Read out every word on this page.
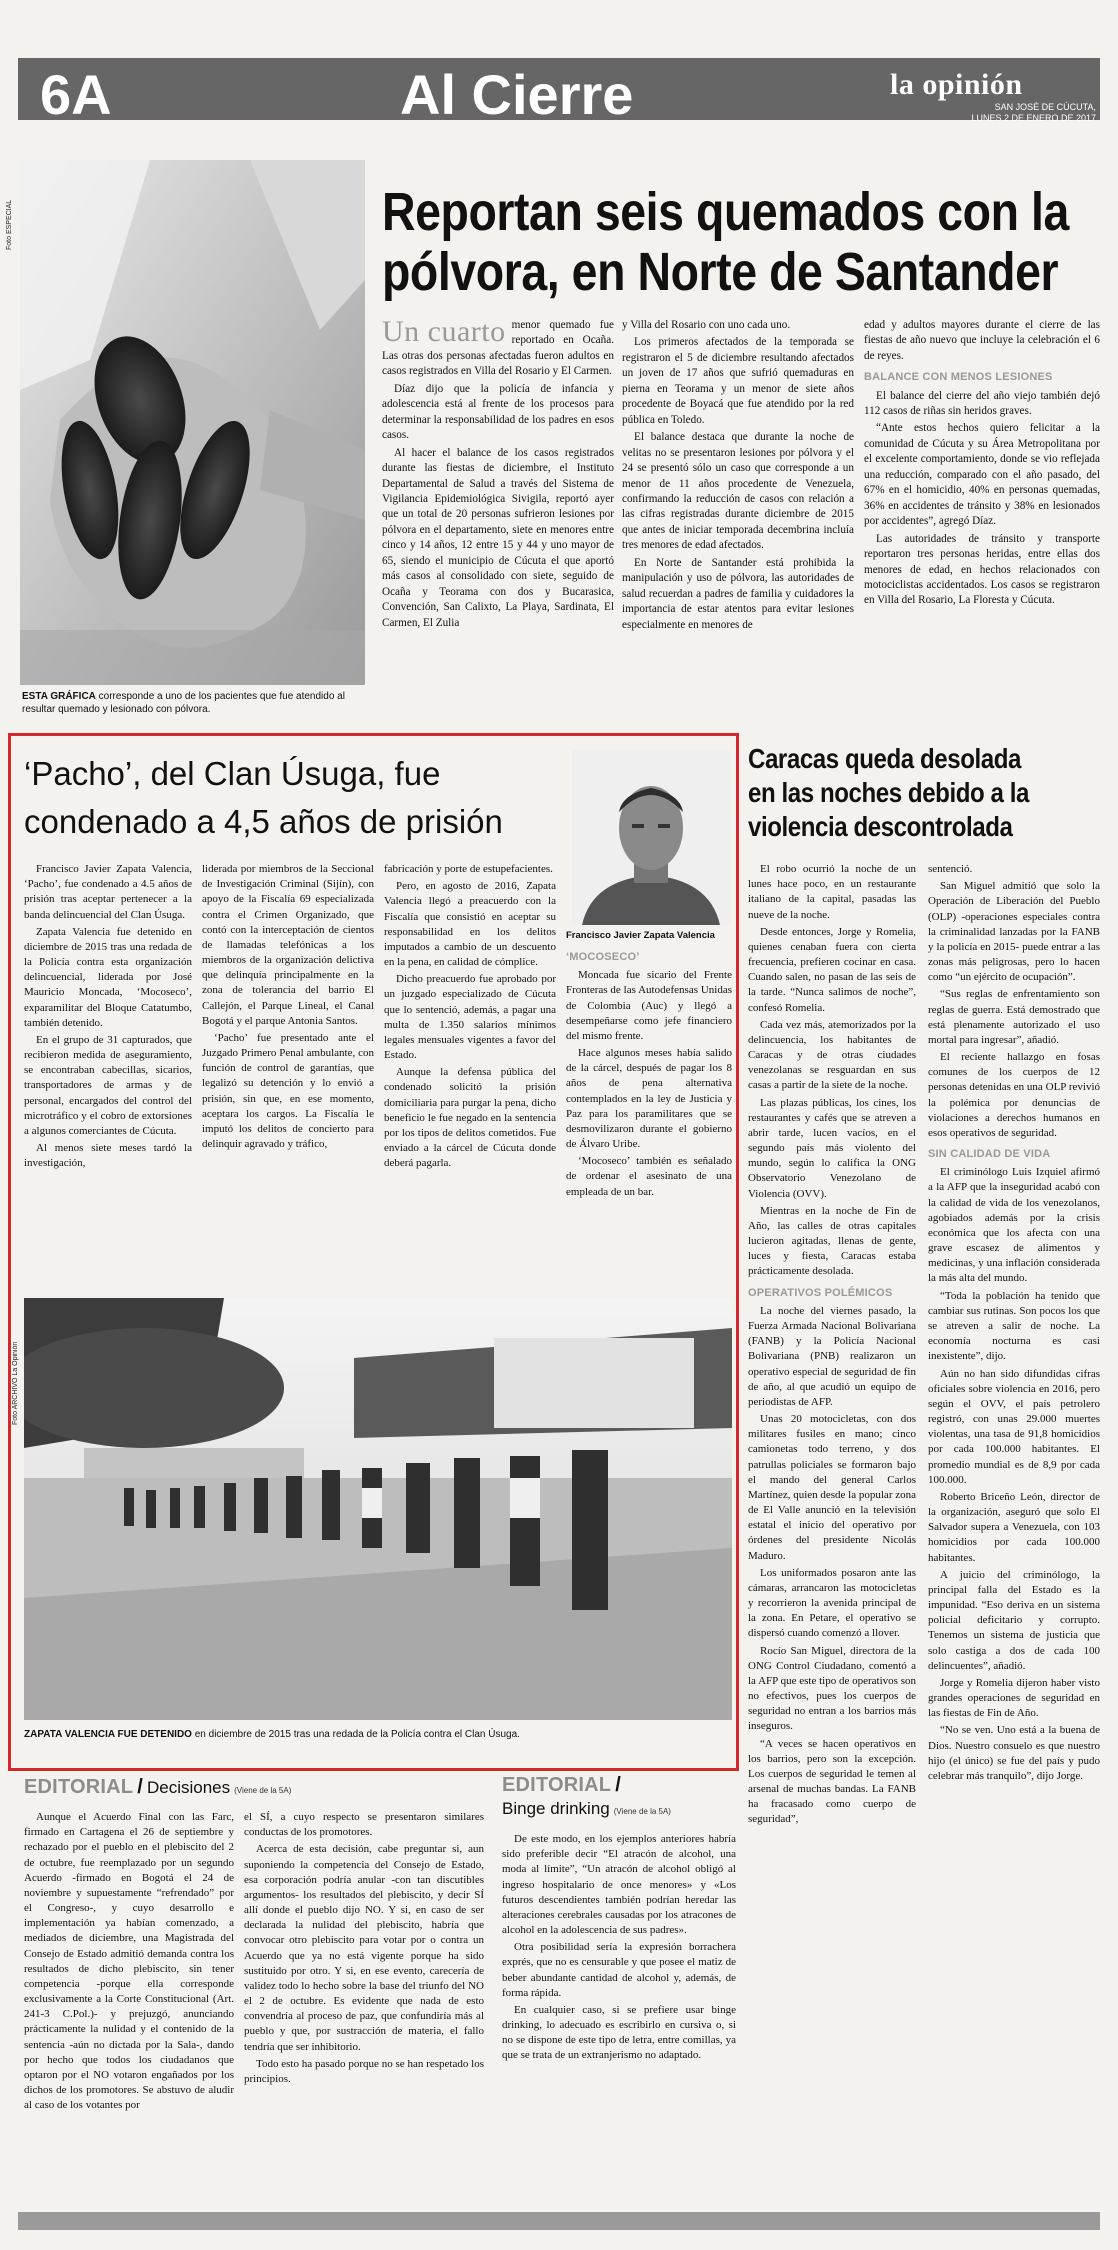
6A	Al Cierre	la opinión
SAN JOSÉ DE CÚCUTA,
LUNES 2 DE ENERO DE 2017
Foto ESPECIAL
ESTA GRÁFICA corresponde a uno de los pacientes que fue atendido al resultar quemado y lesionado con pólvora.
Reportan seis quemados con la
pólvora, en Norte de Santander
Un cuarto menor quemado fue reportado en Ocaña. Las otras dos personas afectadas fueron adultos en casos registrados en Villa del Rosario y El Carmen.

Díaz dijo que la policía de infancia y adolescencia está al frente de los procesos para determinar la responsabilidad de los padres en esos casos.

Al hacer el balance de los casos registrados durante las fiestas de diciembre, el Instituto Departamental de Salud a través del Sistema de Vigilancia Epidemiológica Sivigila, reportó ayer que un total de 20 personas sufrieron lesiones por pólvora en el departamento, siete en menores entre cinco y 14 años, 12 entre 15 y 44 y uno mayor de 65, siendo el municipio de Cúcuta el que aportó más casos al consolidado con siete, seguido de Ocaña y Teorama con dos y Bucarasica, Convención, San Calixto, La Playa, Sardinata, El Carmen, El Zulia

y Villa del Rosario con uno cada uno.

Los primeros afectados de la temporada se registraron el 5 de diciembre resultando afectados un joven de 17 años que sufrió quemaduras en pierna en Teorama y un menor de siete años procedente de Boyacá que fue atendido por la red pública en Toledo.

El balance destaca que durante la noche de velitas no se presentaron lesiones por pólvora y el 24 se presentó sólo un caso que corresponde a un menor de 11 años procedente de Venezuela, confirmando la reducción de casos con relación a las cifras registradas durante diciembre de 2015 que antes de iniciar temporada decembrina incluía tres menores de edad afectados.

En Norte de Santander está prohibida la manipulación y uso de pólvora, las autoridades de salud recuerdan a padres de familia y cuidadores la importancia de estar atentos para evitar lesiones especialmente en menores de

edad y adultos mayores durante el cierre de las fiestas de año nuevo que incluye la celebración el 6 de reyes.

BALANCE CON MENOS LESIONES

El balance del cierre del año viejo también dejó 112 casos de riñas sin heridos graves.

“Ante estos hechos quiero felicitar a la comunidad de Cúcuta y su Área Metropolitana por el excelente comportamiento, donde se vio reflejada una reducción, comparado con el año pasado, del 67% en el homicidio, 40% en personas quemadas, 36% en accidentes de tránsito y 38% en lesionados por accidentes”, agregó Díaz.

Las autoridades de tránsito y transporte reportaron tres personas heridas, entre ellas dos menores de edad, en hechos relacionados con motociclistas accidentados. Los casos se registraron en Villa del Rosario, La Floresta y Cúcuta.

‘Pacho’, del Clan Úsuga, fue
condenado a 4,5 años de prisión
Francisco Javier Zapata Valencia

Francisco Javier Zapata Valencia, ‘Pacho’, fue condenado a 4.5 años de prisión tras aceptar pertenecer a la banda delincuencial del Clan Úsuga.

Zapata Valencia fue detenido en diciembre de 2015 tras una redada de la Policía contra esta organización delincuencial, liderada por José Mauricio Moncada, ‘Mocoseco’, exparamilitar del Bloque Catatumbo, también detenido.

En el grupo de 31 capturados, que recibieron medida de aseguramiento, se encontraban cabecillas, sicarios, transportadores de armas y de personal, encargados del control del microtráfico y el cobro de extorsiones a algunos comerciantes de Cúcuta.

Al menos siete meses tardó la investigación,

liderada por miembros de la Seccional de Investigación Criminal (Sijín), con apoyo de la Fiscalía 69 especializada contra el Crimen Organizado, que contó con la interceptación de cientos de llamadas telefónicas a los miembros de la organización delictiva que delinquía principalmente en la zona de tolerancia del barrio El Callejón, el Parque Lineal, el Canal Bogotá y el parque Antonia Santos.

‘Pacho’ fue presentado ante el Juzgado Primero Penal ambulante, con función de control de garantías, que legalizó su detención y lo envió a prisión, sin que, en ese momento, aceptara los cargos. La Fiscalía le imputó los delitos de concierto para delinquir agravado y tráfico,

fabricación y porte de estupefacientes.

Pero, en agosto de 2016, Zapata Valencia llegó a preacuerdo con la Fiscalía que consistió en aceptar su responsabilidad en los delitos imputados a cambio de un descuento en la pena, en calidad de cómplice.

Dicho preacuerdo fue aprobado por un juzgado especializado de Cúcuta que lo sentenció, además, a pagar una multa de 1.350 salarios mínimos legales mensuales vigentes a favor del Estado.

Aunque la defensa pública del condenado solicitó la prisión domiciliaria para purgar la pena, dicho beneficio le fue negado en la sentencia por los tipos de delitos cometidos. Fue enviado a la cárcel de Cúcuta donde deberá pagarla.

‘MOCOSECO’

Moncada fue sicario del Frente Fronteras de las Autodefensas Unidas de Colombia (Auc) y llegó a desempeñarse como jefe financiero del mismo frente.

Hace algunos meses había salido de la cárcel, después de pagar los 8 años de pena alternativa contemplados en la ley de Justicia y Paz para los paramilitares que se desmovilizaron durante el gobierno de Álvaro Uribe.

‘Mocoseco’ también es señalado de ordenar el asesinato de una empleada de un bar.

Foto ARCHIVO La Opinión
ZAPATA VALENCIA FUE DETENIDO en diciembre de 2015 tras una redada de la Policía contra el Clan Úsuga.
Caracas queda desolada
en las noches debido a la
violencia descontrolada

El robo ocurrió la noche de un lunes hace poco, en un restaurante italiano de la capital, pasadas las nueve de la noche.

Desde entonces, Jorge y Romelia, quienes cenaban fuera con cierta frecuencia, prefieren cocinar en casa. Cuando salen, no pasan de las seis de la tarde. “Nunca salimos de noche”, confesó Romelia.

Cada vez más, atemorizados por la delincuencia, los habitantes de Caracas y de otras ciudades venezolanas se resguardan en sus casas a partir de la siete de la noche.

Las plazas públicas, los cines, los restaurantes y cafés que se atreven a abrir tarde, lucen vacíos, en el segundo país más violento del mundo, según lo califica la ONG Observatorio Venezolano de Violencia (OVV).

Mientras en la noche de Fin de Año, las calles de otras capitales lucieron agitadas, llenas de gente, luces y fiesta, Caracas estaba prácticamente desolada.

OPERATIVOS POLÉMICOS

La noche del viernes pasado, la Fuerza Armada Nacional Bolivariana (FANB) y la Policía Nacional Bolivariana (PNB) realizaron un operativo especial de seguridad de fin de año, al que acudió un equipo de periodistas de AFP.

Unas 20 motocicletas, con dos militares fusiles en mano; cinco camionetas todo terreno, y dos patrullas policiales se formaron bajo el mando del general Carlos Martínez, quien desde la popular zona de El Valle anunció en la televisión estatal el inicio del operativo por órdenes del presidente Nicolás Maduro.

Los uniformados posaron ante las cámaras, arrancaron las motocicletas y recorrieron la avenida principal de la zona. En Petare, el operativo se dispersó cuando comenzó a llover.

Rocío San Miguel, directora de la ONG Control Ciudadano, comentó a la AFP que este tipo de operativos son no efectivos, pues los cuerpos de seguridad no entran a los barrios más inseguros.

“A veces se hacen operativos en los barrios, pero son la excepción. Los cuerpos de seguridad le temen al arsenal de muchas bandas. La FANB ha fracasado como cuerpo de seguridad”,

sentenció.

San Miguel admitió que solo la Operación de Liberación del Pueblo (OLP) -operaciones especiales contra la criminalidad lanzadas por la FANB y la policía en 2015- puede entrar a las zonas más peligrosas, pero lo hacen como “un ejército de ocupación”.

“Sus reglas de enfrentamiento son reglas de guerra. Está demostrado que está plenamente autorizado el uso mortal para ingresar”, añadió.

El reciente hallazgo en fosas comunes de los cuerpos de 12 personas detenidas en una OLP revivió la polémica por denuncias de violaciones a derechos humanos en esos operativos de seguridad.

SIN CALIDAD DE VIDA

El criminólogo Luis Izquiel afirmó a la AFP que la inseguridad acabó con la calidad de vida de los venezolanos, agobiados además por la crisis económica que los afecta con una grave escasez de alimentos y medicinas, y una inflación considerada la más alta del mundo.

“Toda la población ha tenido que cambiar sus rutinas. Son pocos los que se atreven a salir de noche. La economía nocturna es casi inexistente”, dijo.

Aún no han sido difundidas cifras oficiales sobre violencia en 2016, pero según el OVV, el país petrolero registró, con unas 29.000 muertes violentas, una tasa de 91,8 homicidios por cada 100.000 habitantes. El promedio mundial es de 8,9 por cada 100.000.

Roberto Briceño León, director de la organización, aseguró que solo El Salvador supera a Venezuela, con 103 homicidios por cada 100.000 habitantes.

A juicio del criminólogo, la principal falla del Estado es la impunidad. “Eso deriva en un sistema policial deficitario y corrupto. Tenemos un sistema de justicia que solo castiga a dos de cada 100 delincuentes”, añadió.

Jorge y Romelia dijeron haber visto grandes operaciones de seguridad en las fiestas de Fin de Año.

“No se ven. Uno está a la buena de Dios. Nuestro consuelo es que nuestro hijo (el único) se fue del país y pudo celebrar más tranquilo”, dijo Jorge.

EDITORIAL / Decisiones (Viene de la 5A)

Aunque el Acuerdo Final con las Farc, firmado en Cartagena el 26 de septiembre y rechazado por el pueblo en el plebiscito del 2 de octubre, fue reemplazado por un segundo Acuerdo -firmado en Bogotá el 24 de noviembre y supuestamente “refrendado” por el Congreso-, y cuyo desarrollo e implementación ya habían comenzado, a mediados de diciembre, una Magistrada del Consejo de Estado admitió demanda contra los resultados de dicho plebiscito, sin tener competencia -porque ella corresponde exclusivamente a la Corte Constitucional (Art. 241-3 C.Pol.)- y prejuzgó, anunciando prácticamente la nulidad y el contenido de la sentencia -aún no dictada por la Sala-, dando por hecho que todos los ciudadanos que optaron por el NO votaron engañados por los dichos de los promotores. Se abstuvo de aludir al caso de los votantes por

el SÍ, a cuyo respecto se presentaron similares conductas de los promotores.

Acerca de esta decisión, cabe preguntar si, aun suponiendo la competencia del Consejo de Estado, esa corporación podría anular -con tan discutibles argumentos- los resultados del plebiscito, y decir SÍ allí donde el pueblo dijo NO. Y si, en caso de ser declarada la nulidad del plebiscito, habría que convocar otro plebiscito para votar por o contra un Acuerdo que ya no está vigente porque ha sido sustituido por otro. Y si, en ese evento, carecería de validez todo lo hecho sobre la base del triunfo del NO el 2 de octubre. Es evidente que nada de esto convendría al proceso de paz, que confundiría más al pueblo y que, por sustracción de materia, el fallo tendría que ser inhibitorio.

Todo esto ha pasado porque no se han respetado los principios.

EDITORIAL /
Binge drinking (Viene de la 5A)

De este modo, en los ejemplos anteriores habría sido preferible decir “El atracón de alcohol, una moda al límite”, “Un atracón de alcohol obligó al ingreso hospitalario de once menores» y «Los futuros descendientes también podrían heredar las alteraciones cerebrales causadas por los atracones de alcohol en la adolescencia de sus padres».

Otra posibilidad sería la expresión borrachera exprés, que no es censurable y que posee el matiz de beber abundante cantidad de alcohol y, además, de forma rápida.

En cualquier caso, si se prefiere usar binge drinking, lo adecuado es escribirlo en cursiva o, si no se dispone de este tipo de letra, entre comillas, ya que se trata de un extranjerismo no adaptado.
